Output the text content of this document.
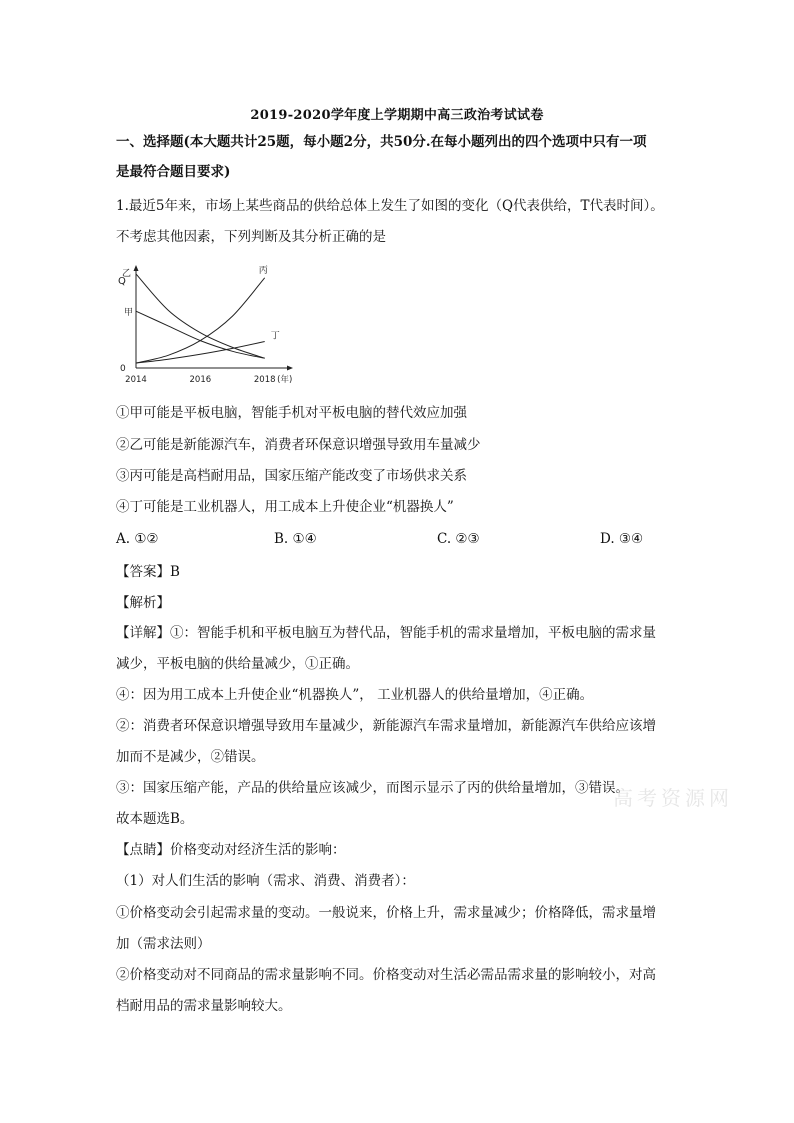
2019-2020学年度上学期期中高三政治考试试卷
一、选择题(本大题共计25题，每小题2分，共50分.在每小题列出的四个选项中只有一项
是最符合题目要求)
1.最近5年来，市场上某些商品的供给总体上发生了如图的变化（Q代表供给，T代表时间）。
不考虑其他因素，下列判断及其分析正确的是
Q
0
2014	2016	2018 (年)
乙	丙
甲
丁
①甲可能是平板电脑，智能手机对平板电脑的替代效应加强
②乙可能是新能源汽车，消费者环保意识增强导致用车量减少
③丙可能是高档耐用品，国家压缩产能改变了市场供求关系
④丁可能是工业机器人，用工成本上升使企业“机器换人”
A. ①②	B. ①④	C. ②③	D. ③④
【答案】B
【解析】
【详解】①：智能手机和平板电脑互为替代品，智能手机的需求量增加，平板电脑的需求量
减少，平板电脑的供给量减少，①正确。
④：因为用工成本上升使企业“机器换人”， 工业机器人的供给量增加，④正确。
②：消费者环保意识增强导致用车量减少，新能源汽车需求量增加，新能源汽车供给应该增
加而不是减少，②错误。
③：国家压缩产能，产品的供给量应该减少，而图示显示了丙的供给量增加，③错误。
故本题选B。
【点睛】价格变动对经济生活的影响：
（1）对人们生活的影响（需求、消费、消费者）：
①价格变动会引起需求量的变动。一般说来，价格上升，需求量减少；价格降低，需求量增
加（需求法则）
②价格变动对不同商品的需求量影响不同。价格变动对生活必需品需求量的影响较小，对高
档耐用品的需求量影响较大。
高考资源网
